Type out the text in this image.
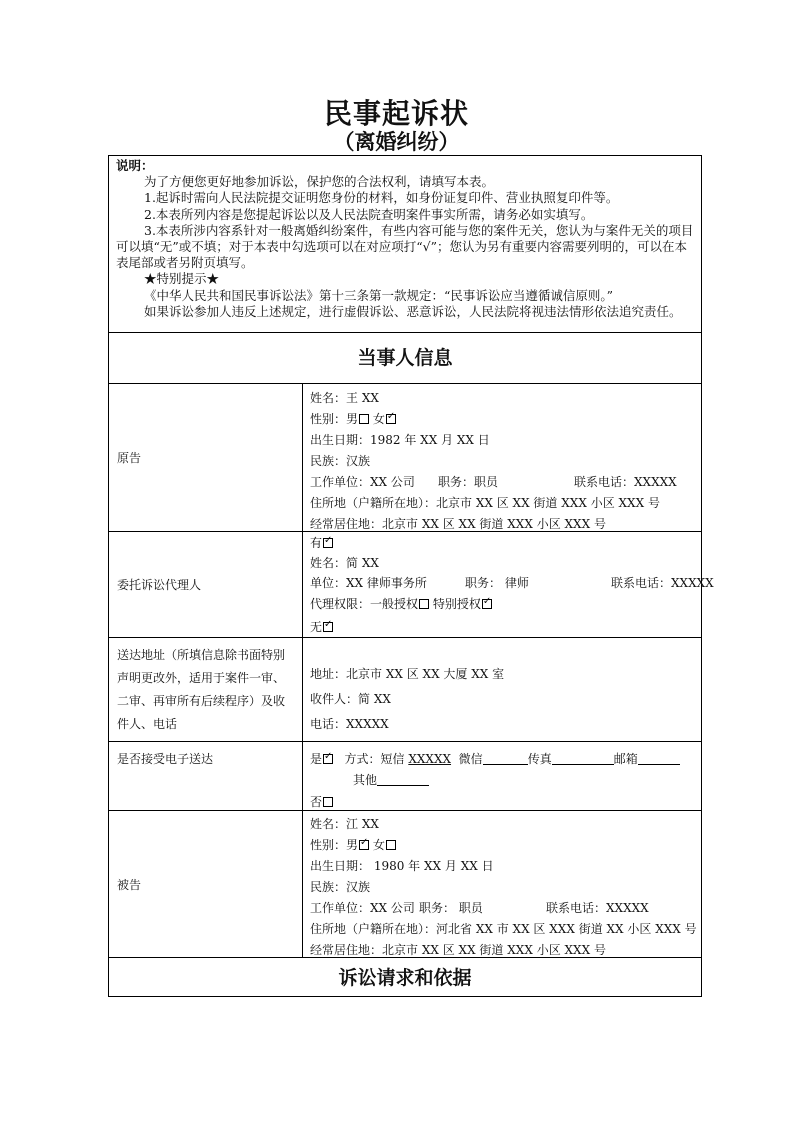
民事起诉状
（离婚纠纷）

说明：

为了方便您更好地参加诉讼，保护您的合法权利，请填写本表。

1.起诉时需向人民法院提交证明您身份的材料，如身份证复印件、营业执照复印件等。

2.本表所列内容是您提起诉讼以及人民法院查明案件事实所需，请务必如实填写。

3.本表所涉内容系针对一般离婚纠纷案件，有些内容可能与您的案件无关，您认为与案件无关的项目可以填“无”或不填；对于本表中勾选项可以在对应项打“√”；您认为另有重要内容需要列明的，可以在本表尾部或者另附页填写。

★特别提示★

《中华人民共和国民事诉讼法》第十三条第一款规定：“民事诉讼应当遵循诚信原则。”

如果诉讼参加人违反上述规定，进行虚假诉讼、恶意诉讼，人民法院将视违法情形依法追究责任。

当事人信息
原告
姓名：王 XX
性别：男 女✓
出生日期：1982 年 XX 月 XX 日
民族：汉族
工作单位：XX 公司 职务：职员	联系电话：XXXXX
住所地（户籍所在地）：北京市 XX 区 XX 街道 XXX 小区 XXX 号
经常居住地：北京市 XX 区 XX 街道 XXX 小区 XXX 号
委托诉讼代理人
有✓
姓名：简 XX
单位：XX 律师事务所	职务： 律师	联系电话：XXXXX
代理权限：一般授权 特别授权✓
无✓
送达地址（所填信息除书面特别声明更改外，适用于案件一审、二审、再审所有后续程序）及收件人、电话
地址：北京市 XX 区 XX 大厦 XX 室
收件人：简 XX
电话：XXXXX
是否接受电子送达	是 ✓ 方式：短信 XXXXX 微信	传真	邮箱
其他
否
被告
姓名：江 XX
性别：男 ✓ 女
出生日期： 1980 年 XX 月 XX 日
民族：汉族
工作单位：XX 公司 职务： 职员	联系电话：XXXXX
住所地（户籍所在地）：河北省 XX 市 XX 区 XXX 街道 XX 小区 XXX 号
经常居住地：北京市 XX 区 XX 街道 XXX 小区 XXX 号
诉讼请求和依据
